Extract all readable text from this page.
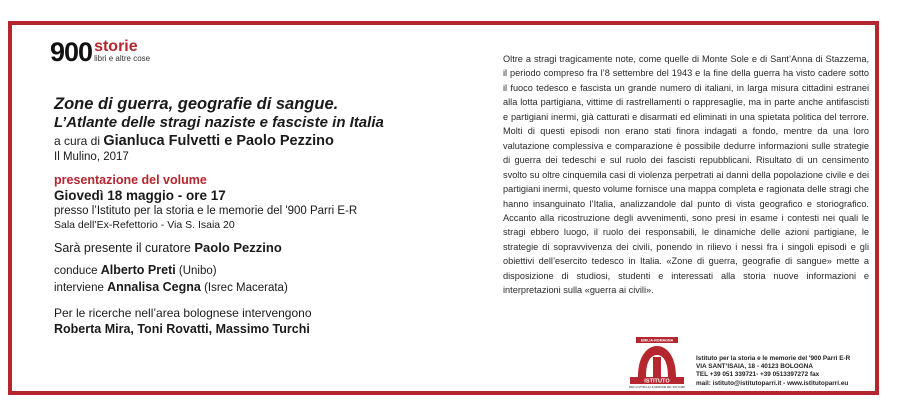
900 storie
libri e altre cose
Zone di guerra, geografie di sangue.
L’Atlante delle stragi naziste e fasciste in Italia
a cura di Gianluca Fulvetti e Paolo Pezzino
Il Mulino, 2017
presentazione del volume
Giovedì 18 maggio - ore 17
presso l’Istituto per la storia e le memorie del '900 Parri E-R
Sala dell’Ex-Refettorio - Via S. Isaia 20
Sarà presente il curatore Paolo Pezzino
conduce Alberto Preti (Unibo)
interviene Annalisa Cegna (Isrec Macerata)
Per le ricerche nell’area bolognese intervengono
Roberta Mira, Toni Rovatti, Massimo Turchi
Oltre a stragi tragicamente note, come quelle di Monte Sole e di Sant’Anna di Stazzema, il periodo compreso fra l’8 settembre del 1943 e la fine della guerra ha visto cadere sotto il fuoco tedesco e fascista un grande numero di italiani, in larga misura cittadini estranei alla lotta partigiana, vittime di rastrellamenti o rappresaglie, ma in parte anche antifascisti e partigiani inermi, già catturati e disarmati ed eliminati in una spietata politica del terrore. Molti di questi episodi non erano stati finora indagati a fondo, mentre da una loro valutazione complessiva e comparazione è possibile dedurre informazioni sulle strategie di guerra dei tedeschi e sul ruolo dei fascisti repubblicani. Risultato di un censimento svolto su oltre cinquemila casi di violenza perpetrati ai danni della popolazione civile e dei partigiani inermi, questo volume fornisce una mappa completa e ragionata delle stragi che hanno insanguinato l’Italia, analizzandole dal punto di vista geografico e storiografico. Accanto alla ricostruzione degli avvenimenti, sono presi in esame i contesti nei quali le stragi ebbero luogo, il ruolo dei responsabili, le dinamiche delle azioni partigiane, le strategie di sopravvivenza dei civili, ponendo in rilievo i nessi fra i singoli episodi e gli obiettivi dell’esercito tedesco in Italia. «Zone di guerra, geografie di sangue» mette a disposizione di studiosi, studenti e interessati alla storia nuove informazioni e interpretazioni sulla «guerra ai civili».
EMILIA-ROMAGNA
ISTITUTO
PER LA STORIA E LE MEMORIE DEL '900 PARRI
Istituto per la storia e le memorie del '900 Parri E-R
VIA SANT’ISAIA, 18 - 40123 BOLOGNA
TEL +39 051 339721- +39 0513397272 fax
mail: istituto@istitutoparri.it - www.istitutoparri.eu
